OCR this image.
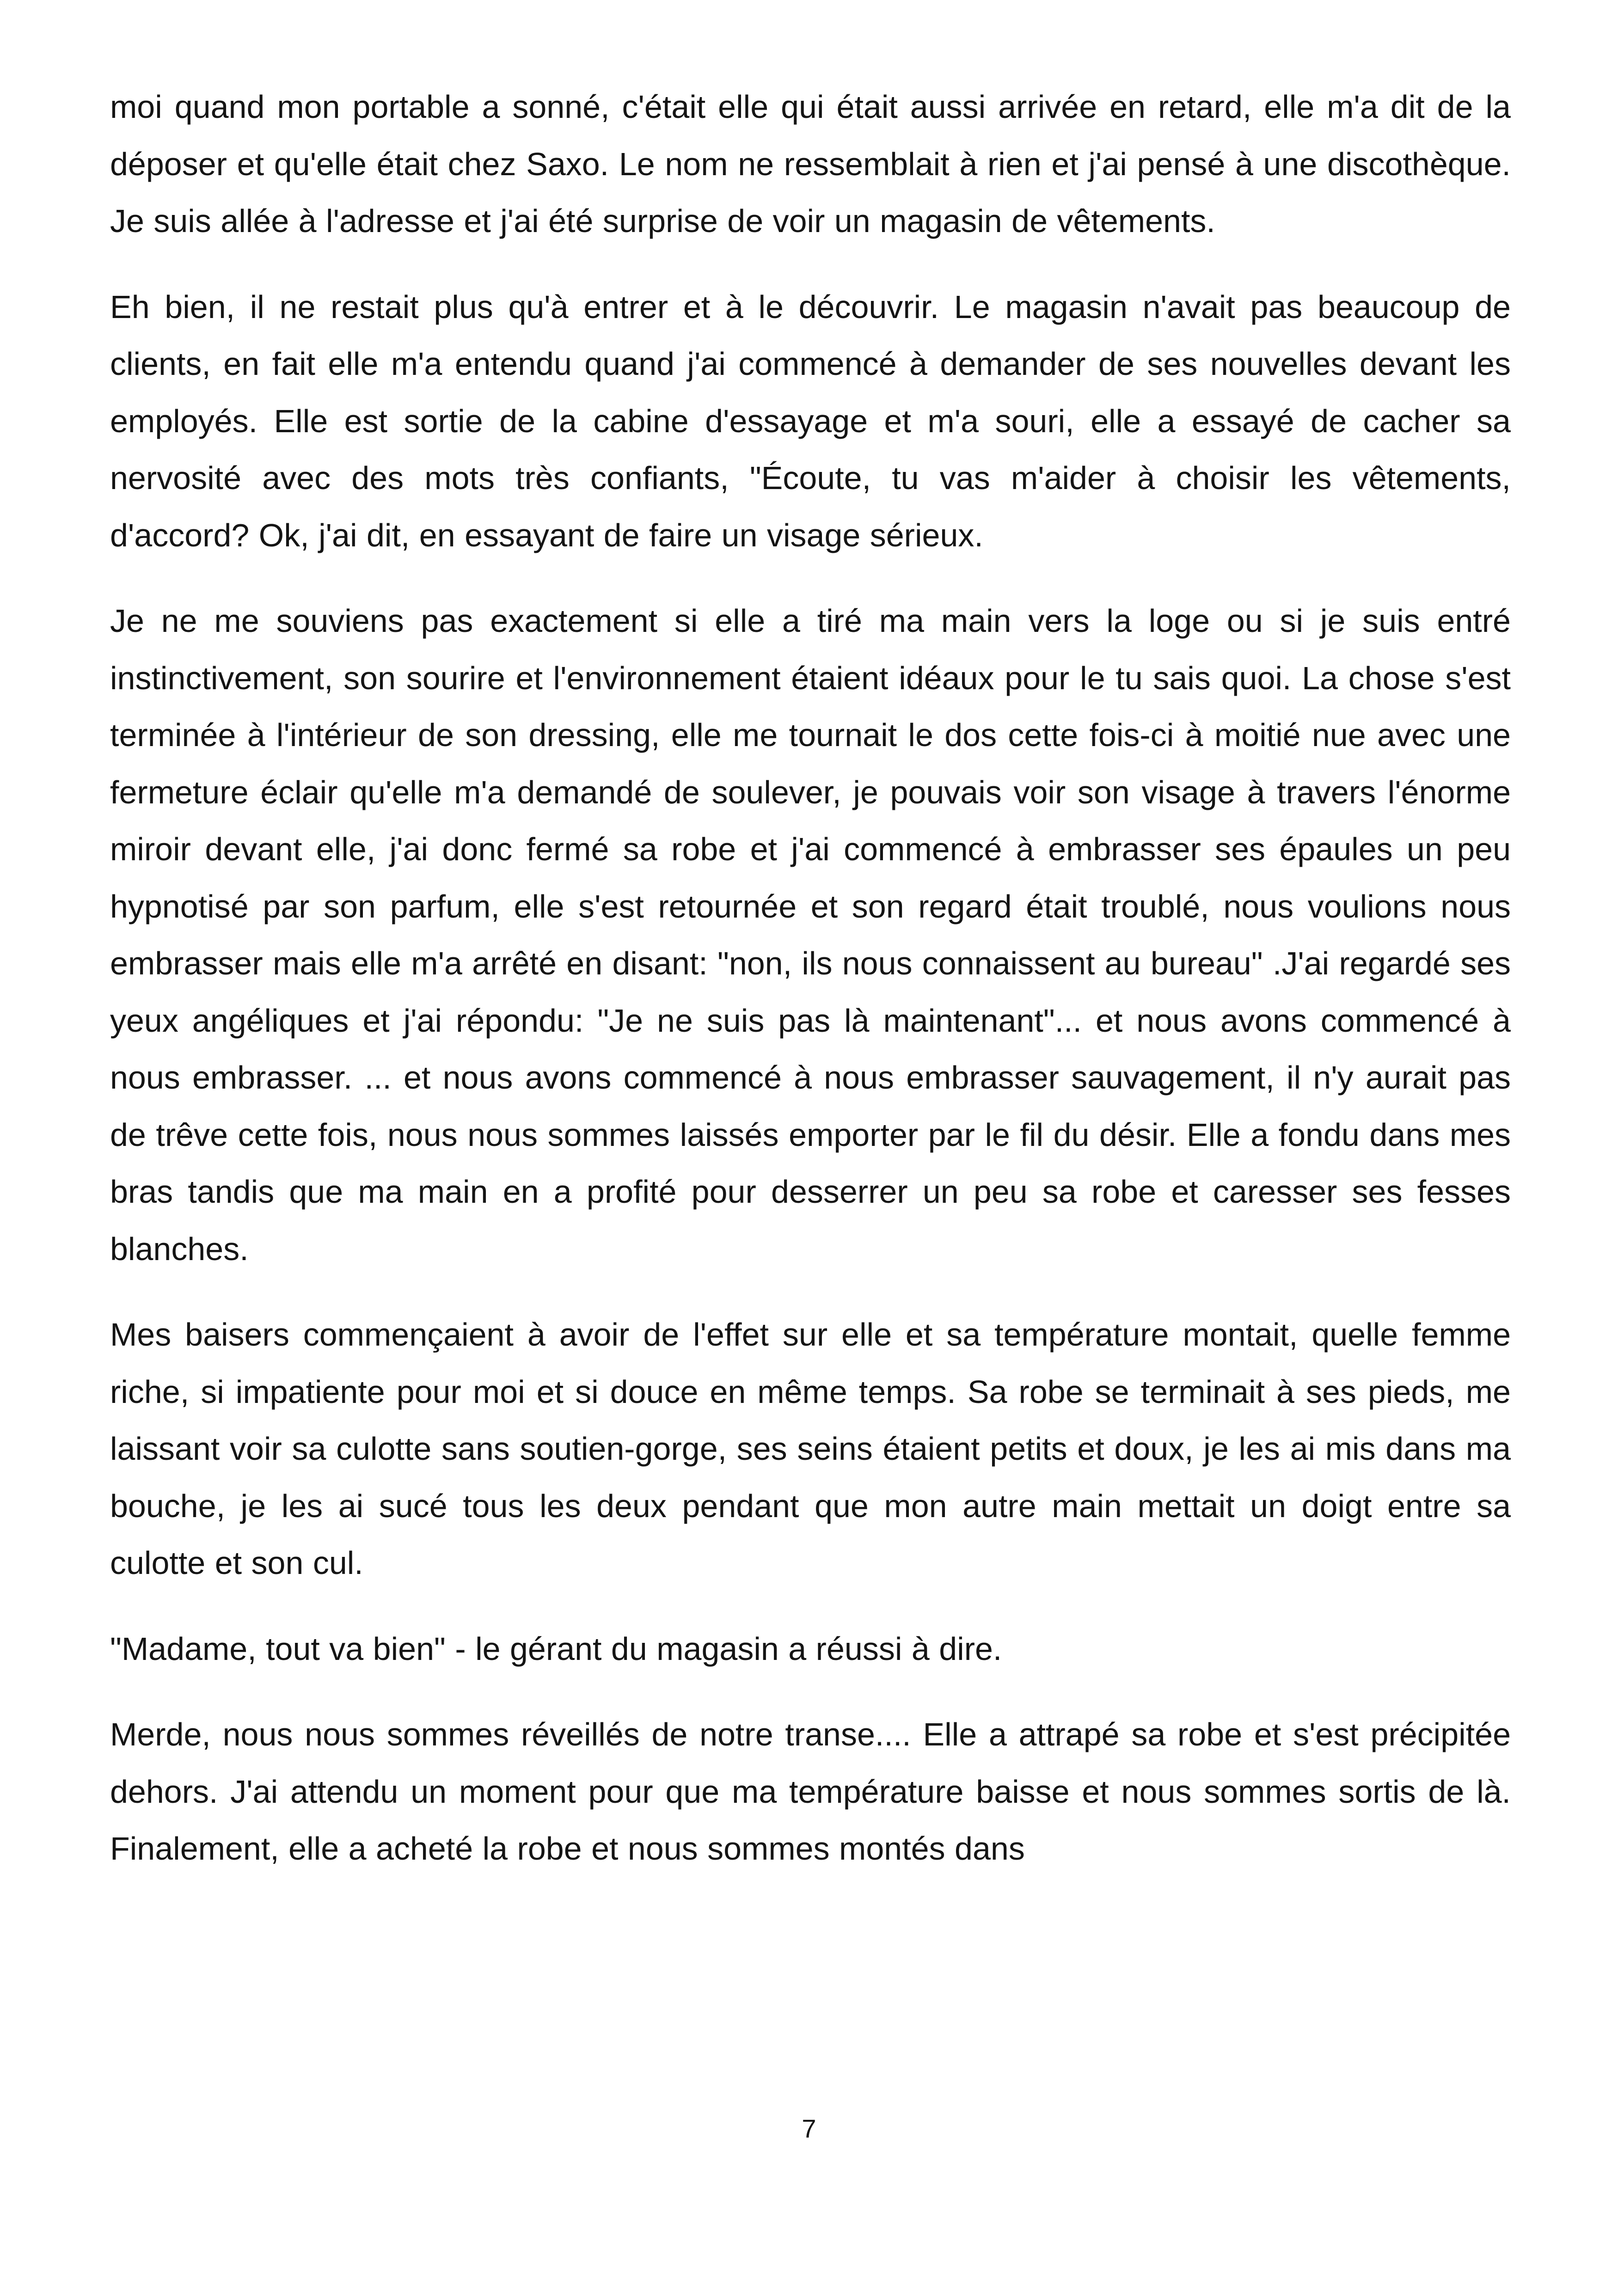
moi quand mon portable a sonné, c'était elle qui était aussi arrivée en retard, elle m'a dit de la déposer et qu'elle était chez Saxo. Le nom ne ressemblait à rien et j'ai pensé à une discothèque. Je suis allée à l'adresse et j'ai été surprise de voir un magasin de vêtements.

Eh bien, il ne restait plus qu'à entrer et à le découvrir. Le magasin n'avait pas beaucoup de clients, en fait elle m'a entendu quand j'ai commencé à demander de ses nouvelles devant les employés. Elle est sortie de la cabine d'essayage et m'a souri, elle a essayé de cacher sa nervosité avec des mots très confiants, "Écoute, tu vas m'aider à choisir les vêtements, d'accord? Ok, j'ai dit, en essayant de faire un visage sérieux.

Je ne me souviens pas exactement si elle a tiré ma main vers la loge ou si je suis entré instinctivement, son sourire et l'environnement étaient idéaux pour le tu sais quoi. La chose s'est terminée à l'intérieur de son dressing, elle me tournait le dos cette fois-ci à moitié nue avec une fermeture éclair qu'elle m'a demandé de soulever, je pouvais voir son visage à travers l'énorme miroir devant elle, j'ai donc fermé sa robe et j'ai commencé à embrasser ses épaules un peu hypnotisé par son parfum, elle s'est retournée et son regard était troublé, nous voulions nous embrasser mais elle m'a arrêté en disant: "non, ils nous connaissent au bureau" .J'ai regardé ses yeux angéliques et j'ai répondu: "Je ne suis pas là maintenant"... et nous avons commencé à nous embrasser. ... et nous avons commencé à nous embrasser sauvagement, il n'y aurait pas de trêve cette fois, nous nous sommes laissés emporter par le fil du désir. Elle a fondu dans mes bras tandis que ma main en a profité pour desserrer un peu sa robe et caresser ses fesses blanches.

Mes baisers commençaient à avoir de l'effet sur elle et sa température montait, quelle femme riche, si impatiente pour moi et si douce en même temps. Sa robe se terminait à ses pieds, me laissant voir sa culotte sans soutien-gorge, ses seins étaient petits et doux, je les ai mis dans ma bouche, je les ai sucé tous les deux pendant que mon autre main mettait un doigt entre sa culotte et son cul.

"Madame, tout va bien" - le gérant du magasin a réussi à dire.

Merde, nous nous sommes réveillés de notre transe.... Elle a attrapé sa robe et s'est précipitée dehors. J'ai attendu un moment pour que ma température baisse et nous sommes sortis de là. Finalement, elle a acheté la robe et nous sommes montés dans

7
